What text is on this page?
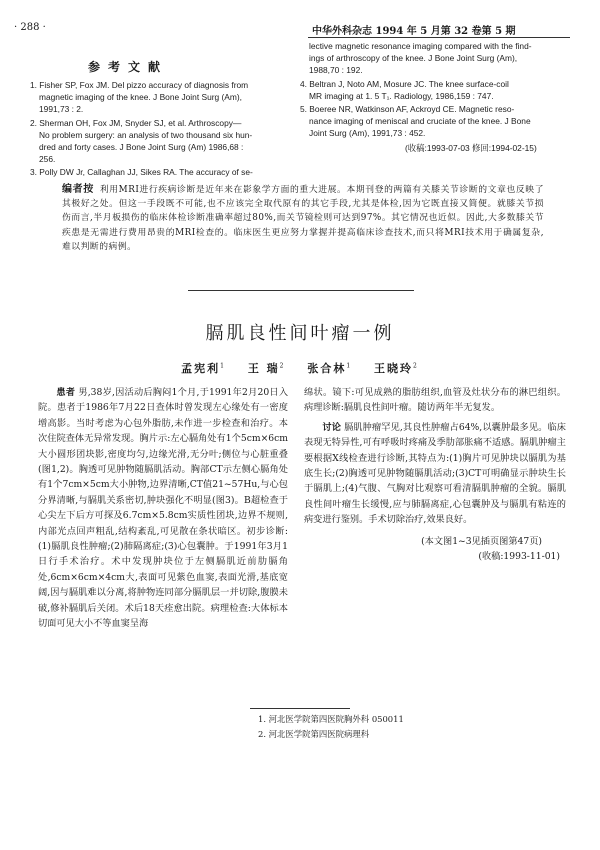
· 288 ·	中华外科杂志 1994 年 5 月第 32 卷第 5 期
参考文献

1. Fisher SP, Fox JM. Del pizzo accuracy of diagnosis from
magnetic imaging of the knee. J Bone Joint Surg (Am),
1991,73 : 2.

2. Sherman OH, Fox JM, Snyder SJ, et al. Arthroscopy—
No problem surgery: an analysis of two thousand six hun-
dred and forty cases. J Bone Joint Surg (Am) 1986,68 :
256.

3. Polly DW Jr, Callaghan JJ, Sikes RA. The accuracy of se-

lective magnetic resonance imaging compared with the find-
ings of arthroscopy of the knee. J Bone Joint Surg (Am),
1988,70 : 192.

4. Beltran J, Noto AM, Mosure JC. The knee surface-coil
MR imaging at 1. 5 T₁. Radiology, 1986,159 : 747.

5. Boeree NR, Watkinson AF, Ackroyd CE. Magnetic reso-
nance imaging of meniscal and cruciate of the knee. J Bone
Joint Surg (Am), 1991,73 : 452.

(收稿:1993-07-03 修回:1994-02-15)
编者按 利用MRI进行疾病诊断是近年来在影象学方面的重大进展。本期刊登的两篇有关膝关节诊断的文章也反映了其极好之处。但这一手段既不可能,也不应该完全取代原有的其它手段,尤其是体检,因为它既直接又简便。就膝关节损伤而言,半月板损伤的临床体检诊断准确率超过80%,而关节镜检则可达到97%。其它情况也近似。因此,大多数膝关节疾患是无需进行费用昂贵的MRI检查的。临床医生更应努力掌握并提高临床诊查技术,而只将MRI技术用于确属复杂,难以判断的病例。
膈肌良性间叶瘤一例
孟宪利$^1$ 王 瑞$^2$ 张合林$^1$ 王晓玲$^2$

患者 男,38岁,因活动后胸闷1个月,于1991年2月20日入院。患者于1986年7月22日查体时曾发现左心缘处有一密度增高影。当时考虑为心包外脂肪,未作进一步检查和治疗。本次住院查体无异常发现。胸片示:左心膈角处有1个5cm×6cm大小圆形团块影,密度均匀,边缘光滑,无分叶;侧位与心脏重叠(图1,2)。胸透可见肿物随膈肌活动。胸部CT示左侧心膈角处有1个7cm×5cm大小肿物,边界清晰,CT值21~57Hu,与心包分界清晰,与膈肌关系密切,肿块强化不明显(图3)。B超检查于心尖左下后方可探及6.7cm×5.8cm实质性团块,边界不规则,内部光点回声粗乱,结构紊乱,可见散在条状暗区。初步诊断:(1)膈肌良性肿瘤;(2)肺隔离症;(3)心包囊肿。于1991年3月1日行手术治疗。术中发现肿块位于左侧膈肌近前肋膈角处,6cm×6cm×4cm大,表面可见紫色血窦,表面光滑,基底宽阔,因与膈肌难以分离,将肿物连同部分膈肌层一并切除,腹膜未破,修补膈肌后关闭。术后18天痊愈出院。病理检查:大体标本切面可见大小不等血窦呈海

绵状。镜下:可见成熟的脂肪组织,血管及灶状分布的淋巴组织。病理诊断:膈肌良性间叶瘤。随访两年半无复发。

讨论 膈肌肿瘤罕见,其良性肿瘤占64%,以囊肿最多见。临床表现无特异性,可有呼吸时疼痛及季肋部胀痛不适感。膈肌肿瘤主要根据X线检查进行诊断,其特点为:(1)胸片可见肿块以膈肌为基底生长;(2)胸透可见肿物随膈肌活动;(3)CT可明确显示肿块生长于膈肌上;(4)气腹、气胸对比观察可看清膈肌肿瘤的全貌。膈肌良性间叶瘤生长缓慢,应与肺膈离症,心包囊肿及与膈肌有粘连的病变进行鉴别。手术切除治疗,效果良好。

(本文图1~3见插页图第47页)
(收稿:1993-11-01)
1. 河北医学院第四医院胸外科 050011
2. 河北医学院第四医院病理科
